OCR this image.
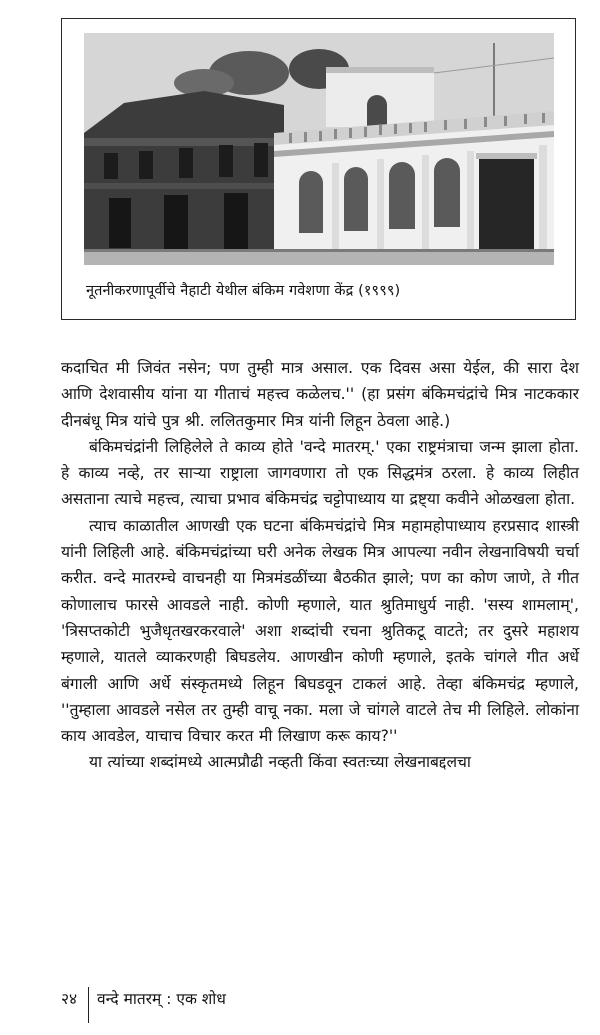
नूतनीकरणापूर्वीचे नैहाटी येथील बंकिम गवेशणा केंद्र (१९९९)

कदाचित मी जिवंत नसेन; पण तुम्ही मात्र असाल. एक दिवस असा येईल, की सारा देश आणि देशवासीय यांना या गीताचं महत्त्व कळेलच.'' (हा प्रसंग बंकिमचंद्रांचे मित्र नाटककार दीनबंधू मित्र यांचे पुत्र श्री. ललितकुमार मित्र यांनी लिहून ठेवला आहे.)

बंकिमचंद्रांनी लिहिलेले ते काव्य होते 'वन्दे मातरम्.' एका राष्ट्रमंत्राचा जन्म झाला होता. हे काव्य नव्हे, तर साऱ्या राष्ट्राला जागवणारा तो एक सिद्धमंत्र ठरला. हे काव्य लिहीत असताना त्याचे महत्त्व, त्याचा प्रभाव बंकिमचंद्र चट्टोपाध्याय या द्रष्ट्या कवीने ओळखला होता.

त्याच काळातील आणखी एक घटना बंकिमचंद्रांचे मित्र महामहोपाध्याय हरप्रसाद शास्त्री यांनी लिहिली आहे. बंकिमचंद्रांच्या घरी अनेक लेखक मित्र आपल्या नवीन लेखनाविषयी चर्चा करीत. वन्दे मातरम्चे वाचनही या मित्रमंडळींच्या बैठकीत झाले; पण का कोण जाणे, ते गीत कोणालाच फारसे आवडले नाही. कोणी म्हणाले, यात श्रुतिमाधुर्य नाही. 'सस्य शामलाम्', 'त्रिसप्तकोटी भुजैधृतखरकरवाले' अशा शब्दांची रचना श्रुतिकटू वाटते; तर दुसरे महाशय म्हणाले, यातले व्याकरणही बिघडलेय. आणखीन कोणी म्हणाले, इतके चांगले गीत अर्धे बंगाली आणि अर्धे संस्कृतमध्ये लिहून बिघडवून टाकलं आहे. तेव्हा बंकिमचंद्र म्हणाले, ''तुम्हाला आवडले नसेल तर तुम्ही वाचू नका. मला जे चांगले वाटले तेच मी लिहिले. लोकांना काय आवडेल, याचाच विचार करत मी लिखाण करू काय?''

या त्यांच्या शब्दांमध्ये आत्मप्रौढी नव्हती किंवा स्वतःच्या लेखनाबद्दलचा

२४ वन्दे मातरम् : एक शोध
